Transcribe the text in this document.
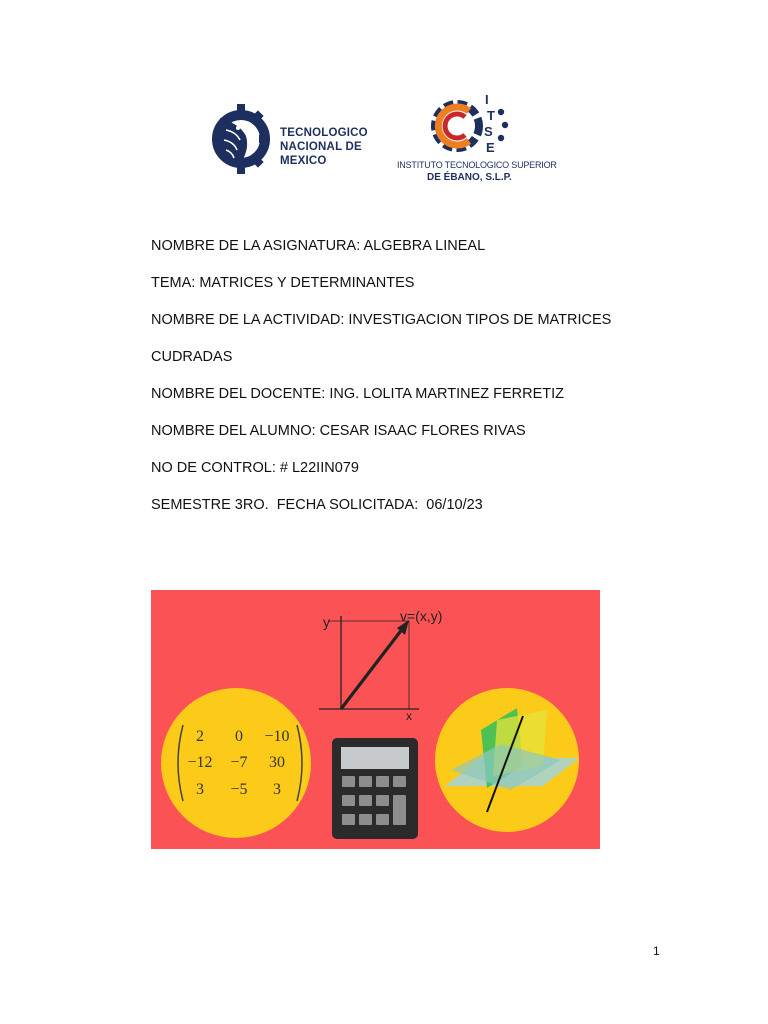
TECNOLOGICO
NACIONAL DE MEXICO
I
T
S
E
INSTITUTO TECNOLOGICO SUPERIOR
DE ÉBANO, S.L.P.
NOMBRE DE LA ASIGNATURA: ALGEBRA LINEAL
TEMA: MATRICES Y DETERMINANTES
NOMBRE DE LA ACTIVIDAD: INVESTIGACION TIPOS DE MATRICES
CUDRADAS
NOMBRE DEL DOCENTE: ING. LOLITA MARTINEZ FERRETIZ
NOMBRE DEL ALUMNO: CESAR ISAAC FLORES RIVAS
NO DE CONTROL: # L22IIN079
SEMESTRE 3RO.  FECHA SOLICITADA:  06/10/23
y
x
v=(x,y)
2 0 −10
−12 −7 30
3 −5 3
1
